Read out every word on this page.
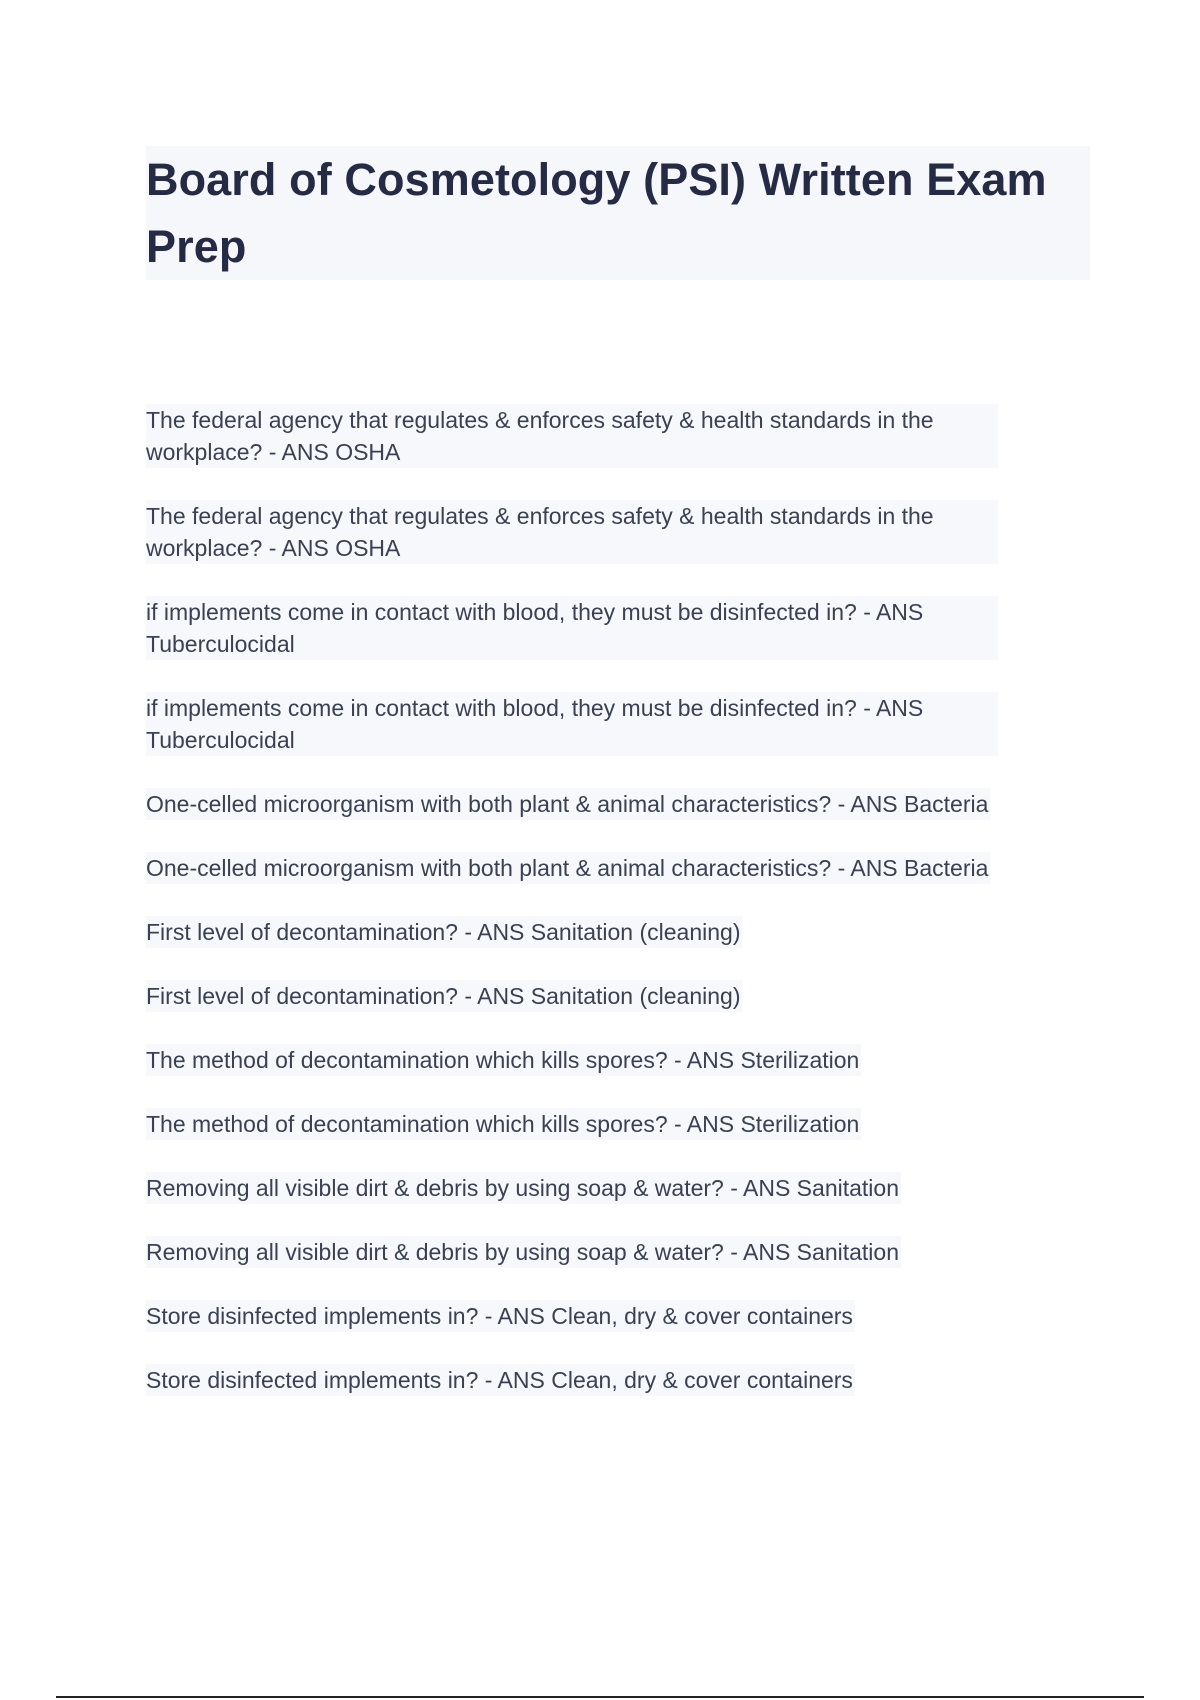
Board of Cosmetology (PSI) Written Exam Prep

The federal agency that regulates & enforces safety & health standards in the workplace? - ANS OSHA

The federal agency that regulates & enforces safety & health standards in the workplace? - ANS OSHA

if implements come in contact with blood, they must be disinfected in? - ANS Tuberculocidal

if implements come in contact with blood, they must be disinfected in? - ANS Tuberculocidal

One-celled microorganism with both plant & animal characteristics? - ANS Bacteria

One-celled microorganism with both plant & animal characteristics? - ANS Bacteria

First level of decontamination? - ANS Sanitation (cleaning)

First level of decontamination? - ANS Sanitation (cleaning)

The method of decontamination which kills spores? - ANS Sterilization

The method of decontamination which kills spores? - ANS Sterilization

Removing all visible dirt & debris by using soap & water? - ANS Sanitation

Removing all visible dirt & debris by using soap & water? - ANS Sanitation

Store disinfected implements in? - ANS Clean, dry & cover containers

Store disinfected implements in? - ANS Clean, dry & cover containers
